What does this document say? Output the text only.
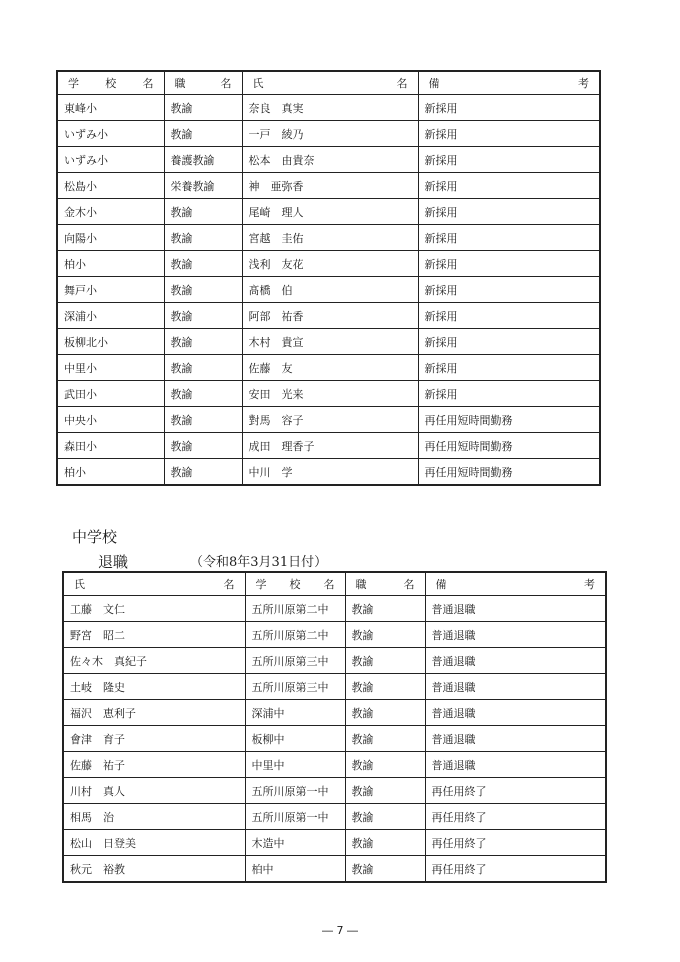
学 校 名	職 名	氏 名	備 考

東峰小	教諭	奈良　真実	新採用
いずみ小	教諭	一戸　綾乃	新採用
いずみ小	養護教諭	松本　由貴奈	新採用
松島小	栄養教諭	神　亜弥香	新採用
金木小	教諭	尾崎　理人	新採用
向陽小	教諭	宮越　圭佑	新採用
柏小	教諭	浅利　友花	新採用
舞戸小	教諭	髙橋　伯	新採用
深浦小	教諭	阿部　祐香	新採用
板柳北小	教諭	木村　貴宣	新採用
中里小	教諭	佐藤　友	新採用
武田小	教諭	安田　光来	新採用
中央小	教諭	對馬　容子	再任用短時間勤務
森田小	教諭	成田　理香子	再任用短時間勤務
柏小	教諭	中川　学	再任用短時間勤務
中学校
退職	（令和8年3月31日付）
氏 名	学 校 名	職 名	備 考

工藤　文仁	五所川原第二中	教諭	普通退職
野宮　昭二	五所川原第二中	教諭	普通退職
佐々木　真紀子	五所川原第三中	教諭	普通退職
土岐　隆史	五所川原第三中	教諭	普通退職
福沢　恵利子	深浦中	教諭	普通退職
會津　育子	板柳中	教諭	普通退職
佐藤　祐子	中里中	教諭	普通退職
川村　真人	五所川原第一中	教諭	再任用終了
相馬　治	五所川原第一中	教諭	再任用終了
松山　日登美	木造中	教諭	再任用終了
秋元　裕教	柏中	教諭	再任用終了
― 7 ―
